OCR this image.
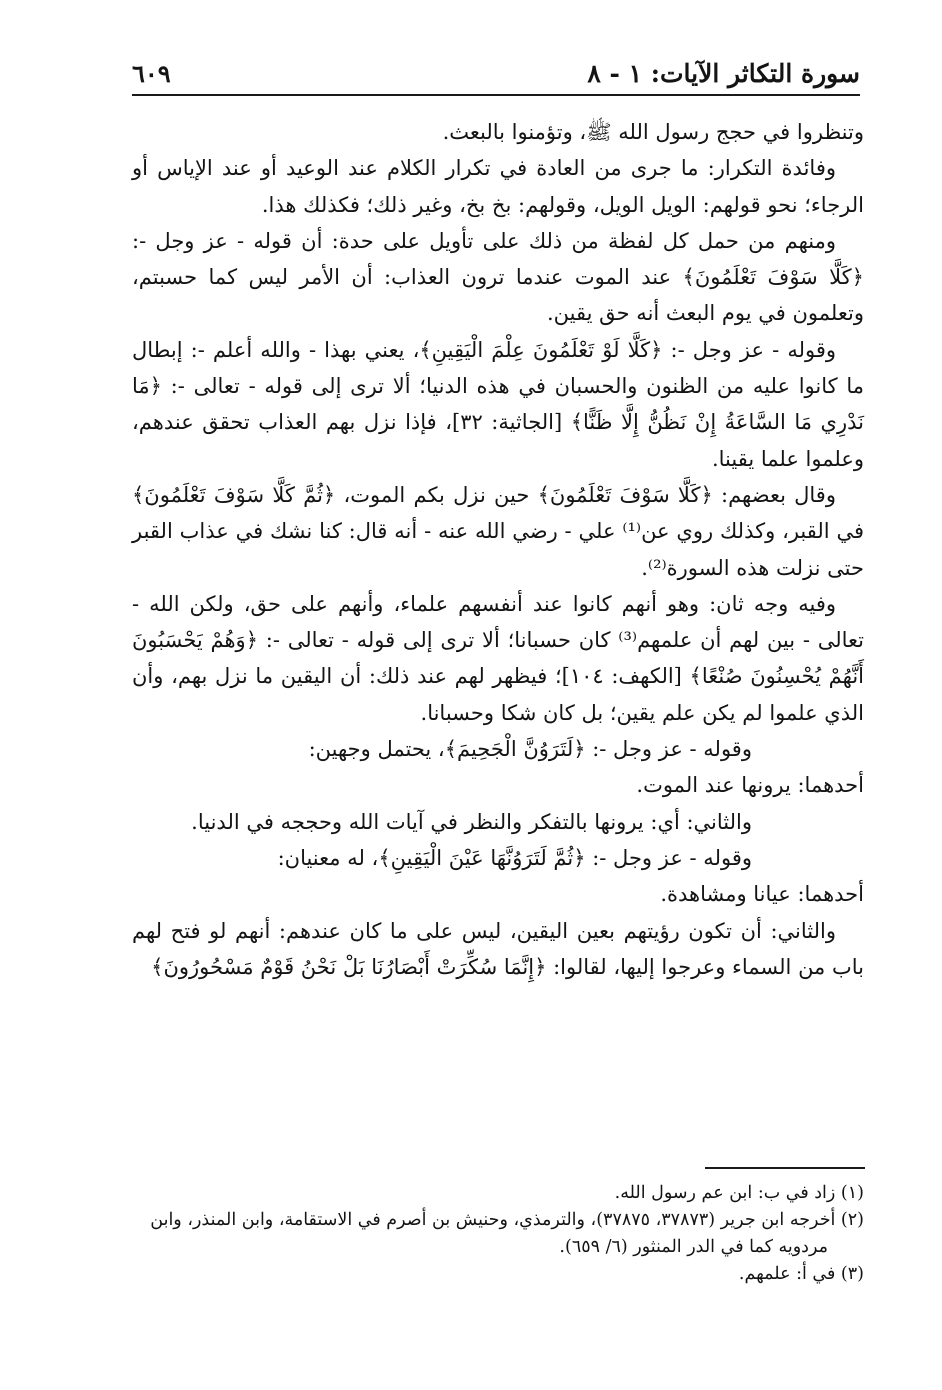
سورة التكاثر الآيات: ١ - ٨
٦٠٩

وتنظروا في حجج رسول الله ﷺ، وتؤمنوا بالبعث.

وفائدة التكرار: ما جرى من العادة في تكرار الكلام عند الوعيد أو عند الإياس أو الرجاء؛ نحو قولهم: الويل الويل، وقولهم: بخ بخ، وغير ذلك؛ فكذلك هذا.

ومنهم من حمل كل لفظة من ذلك على تأويل على حدة: أن قوله - عز وجل -: ﴿كَلَّا سَوْفَ تَعْلَمُونَ﴾ عند الموت عندما ترون العذاب: أن الأمر ليس كما حسبتم، وتعلمون في يوم البعث أنه حق يقين.

وقوله - عز وجل -: ﴿كَلَّا لَوْ تَعْلَمُونَ عِلْمَ الْيَقِينِ﴾، يعني بهذا - والله أعلم -: إبطال ما كانوا عليه من الظنون والحسبان في هذه الدنيا؛ ألا ترى إلى قوله - تعالى -: ﴿مَا نَدْرِي مَا السَّاعَةُ إِنْ نَظُنُّ إِلَّا ظَنًّا﴾ [الجاثية: ٣٢]، فإذا نزل بهم العذاب تحقق عندهم، وعلموا علما يقينا.

وقال بعضهم: ﴿كَلَّا سَوْفَ تَعْلَمُونَ﴾ حين نزل بكم الموت، ﴿ثُمَّ كَلَّا سَوْفَ تَعْلَمُونَ﴾ في القبر، وكذلك روي عن⁽¹⁾ علي - رضي الله عنه - أنه قال: كنا نشك في عذاب القبر حتى نزلت هذه السورة⁽²⁾.

وفيه وجه ثان: وهو أنهم كانوا عند أنفسهم علماء، وأنهم على حق، ولكن الله - تعالى - بين لهم أن علمهم⁽³⁾ كان حسبانا؛ ألا ترى إلى قوله - تعالى -: ﴿وَهُمْ يَحْسَبُونَ أَنَّهُمْ يُحْسِنُونَ صُنْعًا﴾ [الكهف: ١٠٤]؛ فيظهر لهم عند ذلك: أن اليقين ما نزل بهم، وأن الذي علموا لم يكن علم يقين؛ بل كان شكا وحسبانا.

وقوله - عز وجل -: ﴿لَتَرَوُنَّ الْجَحِيمَ﴾، يحتمل وجهين:

أحدهما: يرونها عند الموت.

والثاني: أي: يرونها بالتفكر والنظر في آيات الله وحججه في الدنيا.

وقوله - عز وجل -: ﴿ثُمَّ لَتَرَوُنَّهَا عَيْنَ الْيَقِينِ﴾، له معنيان:

أحدهما: عيانا ومشاهدة.

والثاني: أن تكون رؤيتهم بعين اليقين، ليس على ما كان عندهم: أنهم لو فتح لهم باب من السماء وعرجوا إليها، لقالوا: ﴿إِنَّمَا سُكِّرَتْ أَبْصَارُنَا بَلْ نَحْنُ قَوْمٌ مَسْحُورُونَ﴾

(١) زاد في ب: ابن عم رسول الله.

(٢) أخرجه ابن جرير (٣٧٨٧٣، ٣٧٨٧٥)، والترمذي، وحنيش بن أصرم في الاستقامة، وابن المنذر، وابن مردويه كما في الدر المنثور (٦/ ٦٥٩).

(٣) في أ: علمهم.
